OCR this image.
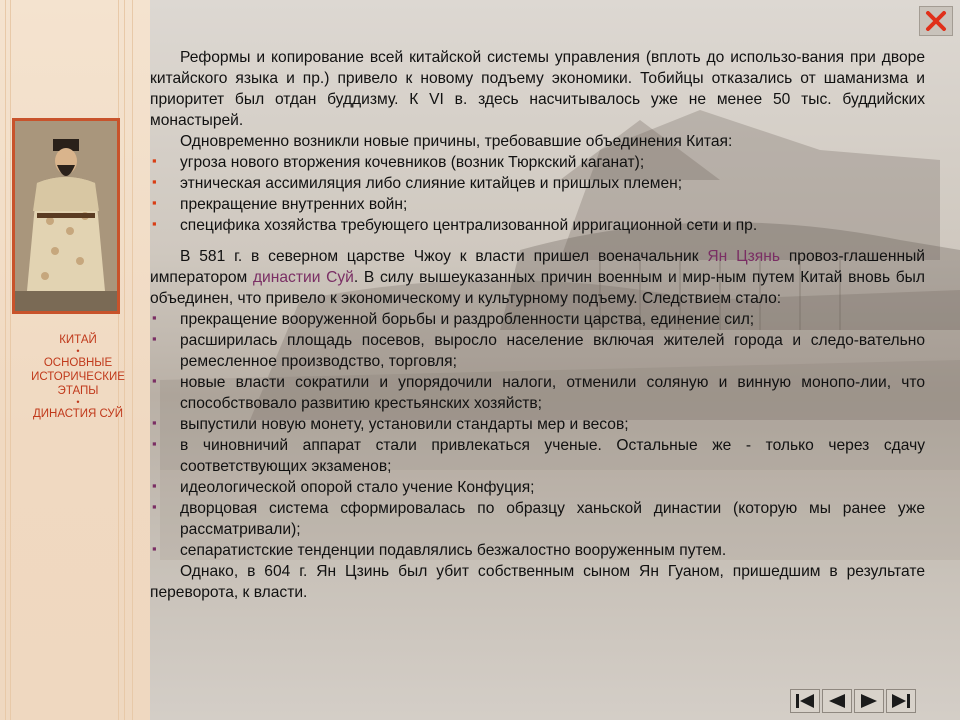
КИТАЙ
•
ОСНОВНЫЕ ИСТОРИЧЕСКИЕ ЭТАПЫ
•
ДИНАСТИЯ СУЙ

Реформы и копирование всей китайской системы управления (вплоть до использо-вания при дворе китайского языка и пр.) привело к новому подъему экономики. Тобийцы отказались от шаманизма и приоритет был отдан буддизму. К VI в. здесь насчитывалось уже не менее 50 тыс. буддийских монастырей.

Одновременно возникли новые причины, требовавшие объединения Китая:

▪ угроза нового вторжения кочевников (возник Тюркский каганат);
▪ этническая ассимиляция либо слияние китайцев и пришлых племен;
▪ прекращение внутренних войн;
▪ специфика хозяйства требующего централизованной ирригационной сети и пр.

В 581 г. в северном царстве Чжоу к власти пришел военачальник Ян Цзянь провоз-глашенный императором династии Суй. В силу вышеуказанных причин военным и мир-ным путем Китай вновь был объединен, что привело к экономическому и культурному подъему. Следствием стало:

▪ прекращение вооруженной борьбы и раздробленности царства, единение сил;
▪ расширилась площадь посевов, выросло население включая жителей города и следо-вательно ремесленное производство, торговля;
▪ новые власти сократили и упорядочили налоги, отменили соляную и винную монопо-лии, что способствовало развитию крестьянских хозяйств;
▪ выпустили новую монету, установили стандарты мер и весов;
▪ в чиновничий аппарат стали привлекаться ученые. Остальные же - только через сдачу соответствующих экзаменов;
▪ идеологической опорой стало учение Конфуция;
▪ дворцовая система сформировалась по образцу ханьской династии (которую мы ранее уже рассматривали);
▪ сепаратистские тенденции подавлялись безжалостно вооруженным путем.

Однако, в 604 г. Ян Цзинь был убит собственным сыном Ян Гуаном, пришедшим в результате переворота, к власти.
